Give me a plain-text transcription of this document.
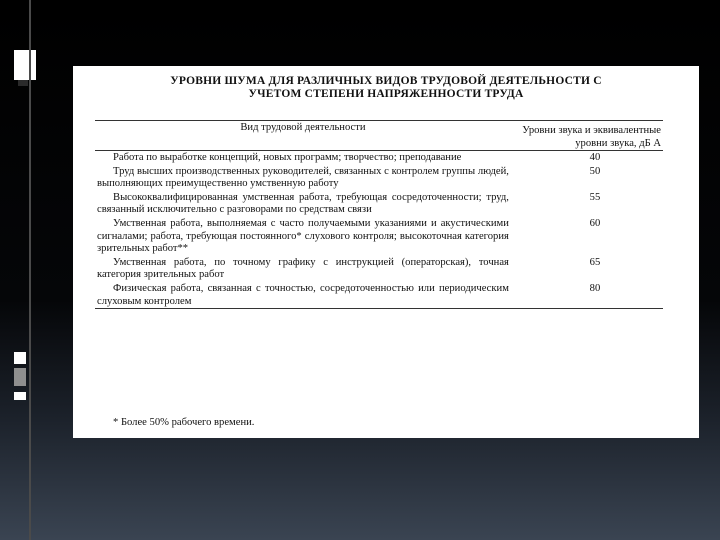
УРОВНИ ШУМА ДЛЯ РАЗЛИЧНЫХ ВИДОВ ТРУДОВОЙ ДЕЯТЕЛЬНОСТИ С
УЧЕТОМ СТЕПЕНИ НАПРЯЖЕННОСТИ ТРУДА
Вид трудовой деятельности	Уровни звука и эквивалентные уровни звука, дБ А
Работа по выработке концепций, новых программ; творчество; преподавание	40
Труд высших производственных руководителей, связанных с контролем группы людей, выполняющих преимущественно умственную работу	50
Высококвалифицированная умственная работа, требующая сосредоточенности; труд, связанный исключительно с разговорами по средствам связи	55
Умственная работа, выполняемая с часто получаемыми указаниями и акустическими сигналами; работа, требующая постоянного* слухового контроля; высокоточная категория зрительных работ**	60
Умственная работа, по точному графику с инструкцией (операторская), точная категория зрительных работ	65
Физическая работа, связанная с точностью, сосредоточенностью или периодическим слуховым контролем	80
* Более 50% рабочего времени.
